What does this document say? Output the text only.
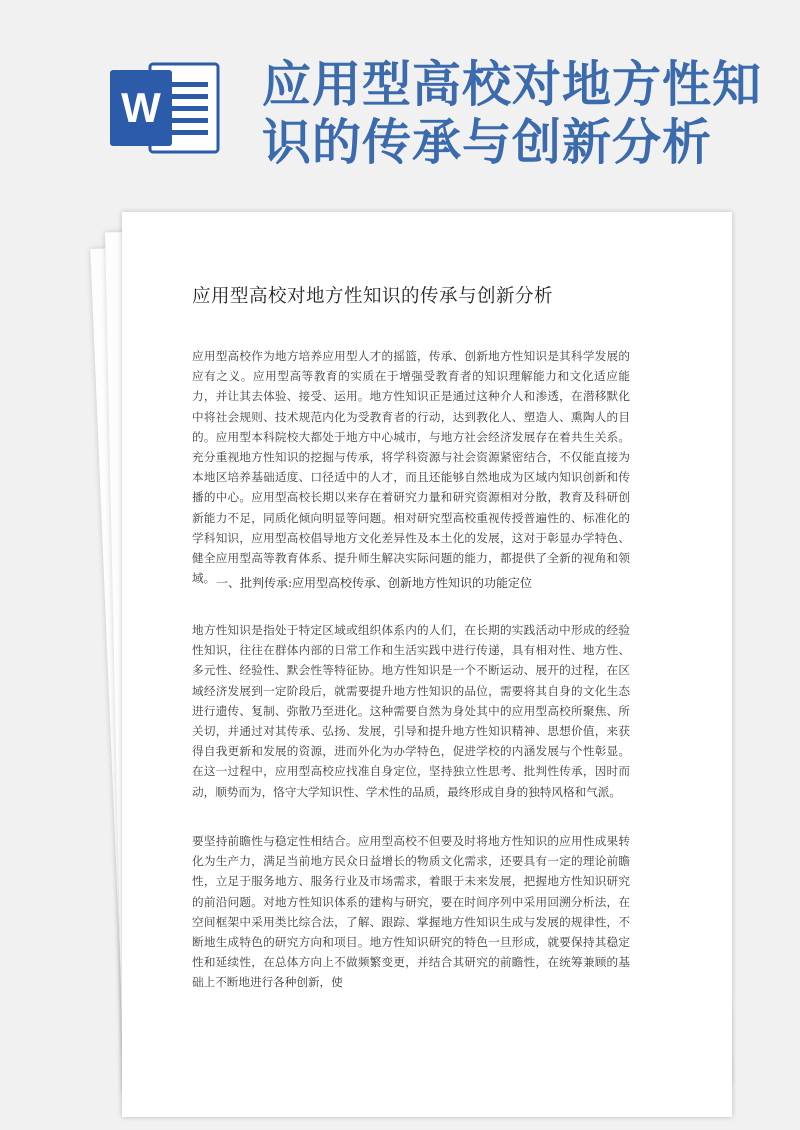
W 应用型高校对地方性知识的传承与创新分析
应用型高校对地方性知识的传承与创新分析

应用型高校作为地方培养应用型人才的摇篮，传承、创新地方性知识是其科学发展的应有之义。应用型高等教育的实质在于增强受教育者的知识理解能力和文化适应能力，并让其去体验、接受、运用。地方性知识正是通过这种介人和渗透，在潜移默化中将社会规则、技术规范内化为受教育者的行动，达到教化人、塑造人、熏陶人的目的。应用型本科院校大都处于地方中心城市，与地方社会经济发展存在着共生关系。充分重视地方性知识的挖掘与传承，将学科资源与社会资源紧密结合，不仅能直接为本地区培养基础适度、口径适中的人才，而且还能够自然地成为区域内知识创新和传播的中心。应用型高校长期以来存在着研究力量和研究资源相对分散，教育及科研创新能力不足，同质化倾向明显等问题。相对研究型高校重视传授普遍性的、标准化的学科知识，应用型高校倡导地方文化差异性及本土化的发展，这对于彰显办学特色、健全应用型高等教育体系、提升师生解决实际问题的能力，都提供了全新的视角和领域。 一、批判传承:应用型高校传承、创新地方性知识的功能定位

地方性知识是指处于特定区域或组织体系内的人们，在长期的实践活动中形成的经验性知识，往往在群体内部的日常工作和生活实践中进行传递，具有相对性、地方性、多元性、经验性、默会性等特征协。地方性知识是一个不断运动、展开的过程，在区域经济发展到一定阶段后，就需要提升地方性知识的品位，需要将其自身的文化生态进行遗传、复制、弥散乃至进化。这种需要自然为身处其中的应用型高校所聚焦、所关切，并通过对其传承、弘扬、发展，引导和提升地方性知识精神、思想价值，来获得自我更新和发展的资源，进而外化为办学特色，促进学校的内涵发展与个性彰显。在这一过程中，应用型高校应找准自身定位，坚持独立性思考、批判性传承，因时而动，顺势而为，恪守大学知识性、学术性的品质，最终形成自身的独特风格和气派。

要坚持前瞻性与稳定性相结合。应用型高校不但要及时将地方性知识的应用性成果转化为生产力，满足当前地方民众日益增长的物质文化需求，还要具有一定的理论前瞻性，立足于服务地方、服务行业及市场需求，着眼于未来发展，把握地方性知识研究的前沿问题。对地方性知识体系的建构与研究，要在时间序列中采用回溯分析法，在空间框架中采用类比综合法，了解、跟踪、掌握地方性知识生成与发展的规律性，不断地生成特色的研究方向和项目。地方性知识研究的特色一旦形成，就要保持其稳定性和延续性，在总体方向上不做频繁变更，并结合其研究的前瞻性，在统筹兼顾的基础上不断地进行各种创新，使
